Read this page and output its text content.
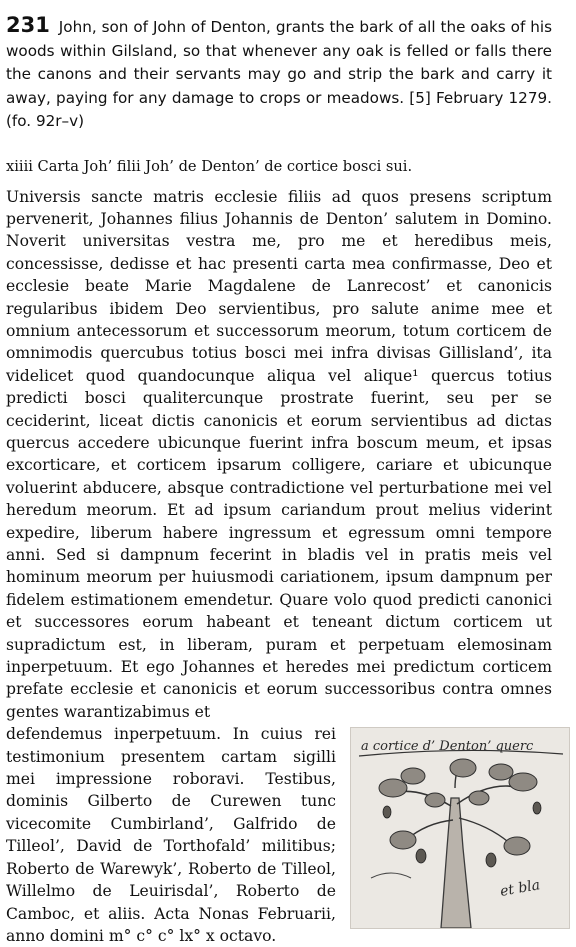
231 John, son of John of Denton, grants the bark of all the oaks of his woods within Gilsland, so that whenever any oak is felled or falls there the canons and their servants may go and strip the bark and carry it away, paying for any damage to crops or meadows. [5] February 1279. (fo. 92r–v)

xiiii Carta Joh’ filii Joh’ de Denton’ de cortice bosci sui.

Universis sancte matris ecclesie filiis ad quos presens scriptum pervenerit, Johannes filius Johannis de Denton’ salutem in Domino. Noverit universitas vestra me, pro me et heredibus meis, concessisse, dedisse et hac presenti carta mea confirmasse, Deo et ecclesie beate Marie Magdalene de Lanrecost’ et canonicis regularibus ibidem Deo servientibus, pro salute anime mee et omnium antecessorum et successorum meorum, totum corticem de omnimodis quercubus totius bosci mei infra divisas Gillisland’, ita videlicet quod quandocunque aliqua vel alique¹ quercus totius predicti bosci qualitercunque prostrate fuerint, seu per se ceciderint, liceat dictis canonicis et eorum servientibus ad dictas quercus accedere ubicunque fuerint infra boscum meum, et ipsas excorticare, et corticem ipsarum colligere, cariare et ubicunque voluerint abducere, absque contradictione vel perturbatione mei vel heredum meorum. Et ad ipsum cariandum prout melius viderint expedire, liberum habere ingressum et egressum omni tempore anni. Sed si dampnum fecerint in bladis vel in pratis meis vel hominum meorum per huiusmodi cariationem, ipsum dampnum per fidelem estimationem emendetur. Quare volo quod predicti canonici et successores eorum habeant et teneant dictum corticem ut supradictum est, in liberam, puram et perpetuam elemosinam inperpetuum. Et ego Johannes et heredes mei predictum corticem prefate ecclesie et canonicis et eorum successoribus contra omnes gentes warantizabimus et

defendemus inperpetuum. In cuius rei testimonium presentem cartam sigilli mei impressione roboravi. Testibus, dominis Gilberto de Curewen tunc vicecomite Cumbirland’, Galfrido de Tilleol’, David de Torthofald’ militibus; Roberto de Warewyk’, Roberto de Tilleol, Willelmo de Leuirisdal’, Roberto de Camboc, et aliis. Acta Nonas Februarii, anno domini m° c° c° lx° x octavo.
a cortice d’ Denton’ querc
et bla
